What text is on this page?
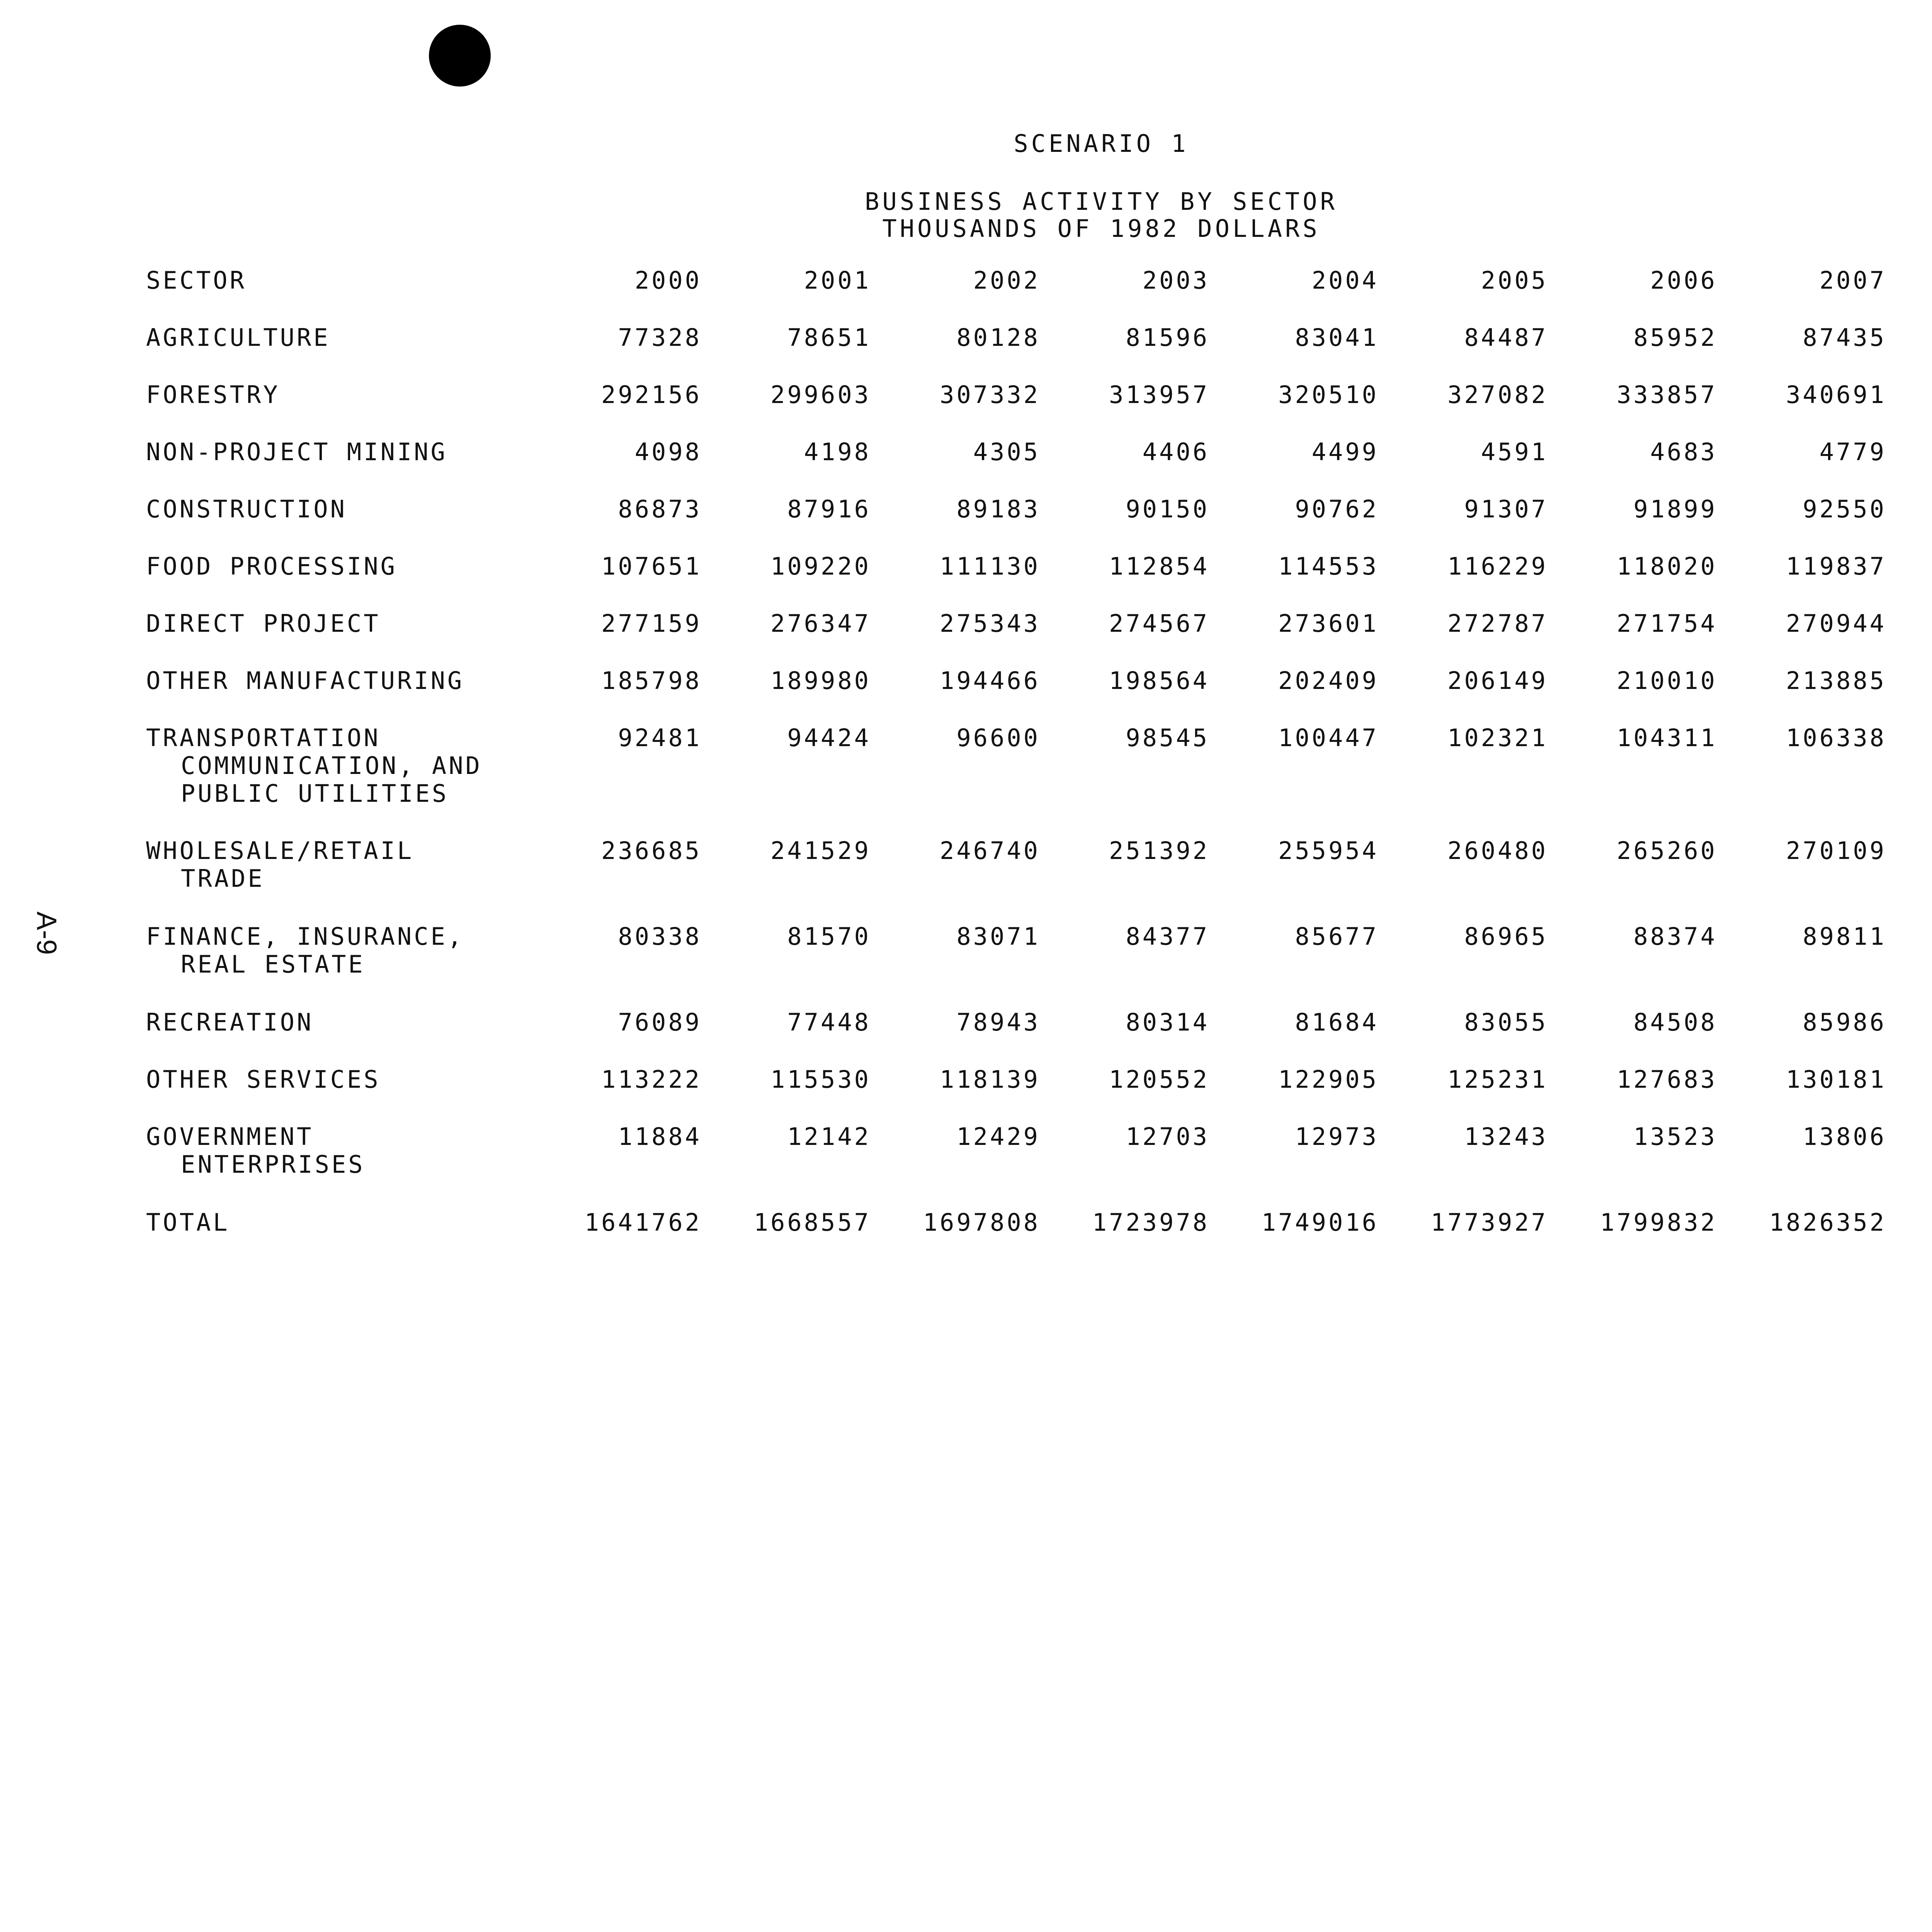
SCENARIO 1
BUSINESS ACTIVITY BY SECTOR
THOUSANDS OF 1982 DOLLARS
A-9
SECTOR	2000	2001	2002	2003	2004	2005	2006	2007		

AGRICULTURE	77328	78651	80128	81596	83041	84487	85952	87435		

FORESTRY	292156	299603	307332	313957	320510	327082	333857	340691		

NON-PROJECT MINING	4098	4198	4305	4406	4499	4591	4683	4779		

CONSTRUCTION	86873	87916	89183	90150	90762	91307	91899	92550		

FOOD PROCESSING	107651	109220	111130	112854	114553	116229	118020	119837		

DIRECT PROJECT	277159	276347	275343	274567	273601	272787	271754	270944		

OTHER MANUFACTURING	185798	189980	194466	198564	202409	206149	210010	213885		

TRANSPORTATION
COMMUNICATION, AND
PUBLIC UTILITIES	92481	94424	96600	98545	100447	102321	104311	106338		

WHOLESALE/RETAIL
TRADE	236685	241529	246740	251392	255954	260480	265260	270109		

FINANCE, INSURANCE,
REAL ESTATE	80338	81570	83071	84377	85677	86965	88374	89811		

RECREATION	76089	77448	78943	80314	81684	83055	84508	85986		

OTHER SERVICES	113222	115530	118139	120552	122905	125231	127683	130181		

GOVERNMENT
ENTERPRISES	11884	12142	12429	12703	12973	13243	13523	13806		

TOTAL	1641762	1668557	1697808	1723978	1749016	1773927	1799832	1826352		
